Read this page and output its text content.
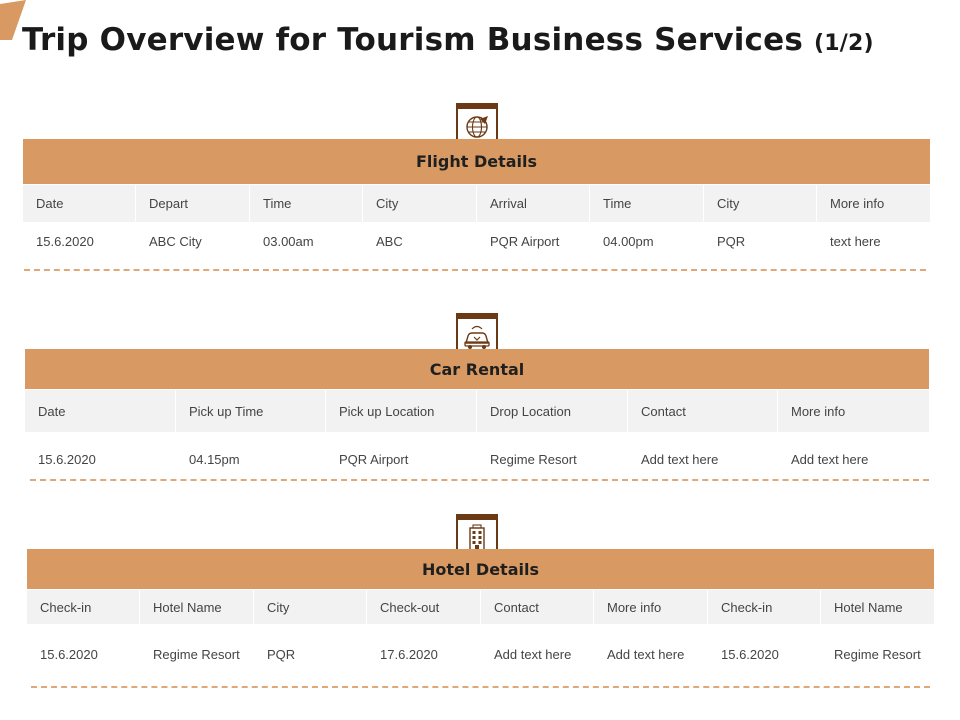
Trip Overview for Tourism Business Services (1/2)
Flight Details
Date	Depart	Time	City	Arrival	Time	City	More info
15.6.2020	ABC City	03.00am	ABC	PQR Airport	04.00pm	PQR	text here
Car Rental
Date	Pick up Time	Pick up Location	Drop Location	Contact	More info
15.6.2020	04.15pm	PQR Airport	Regime Resort	Add text here	Add text here
Hotel Details
Check-in	Hotel Name	City	Check-out	Contact	More info	Check-in	Hotel Name
15.6.2020	Regime Resort	PQR	17.6.2020	Add text here	Add text here	15.6.2020	Regime Resort
